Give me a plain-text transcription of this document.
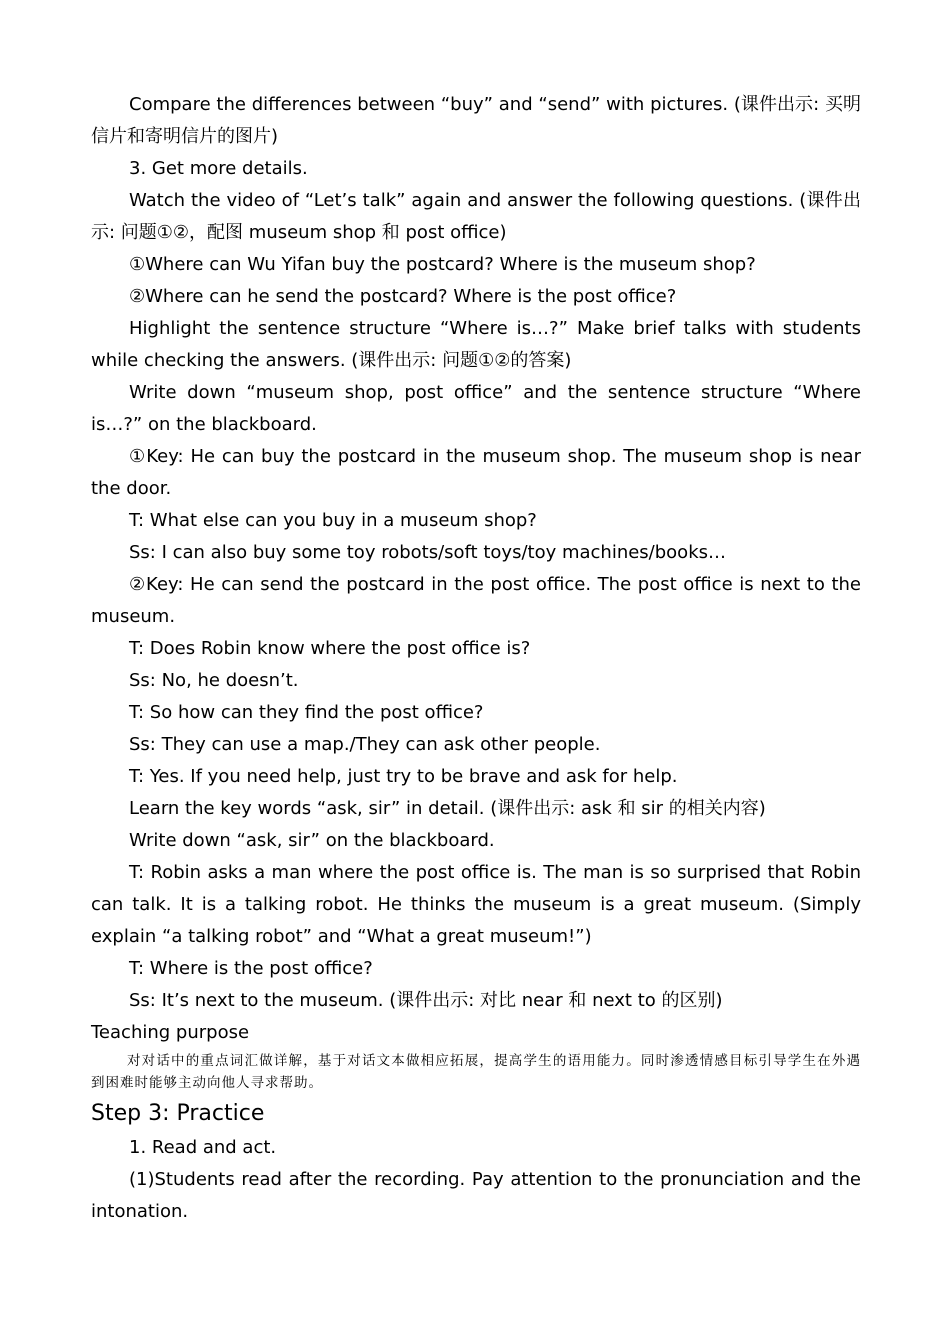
Compare the differences between “buy” and “send” with pictures. (课件出示: 买明信片和寄明信片的图片)

3. Get more details.

Watch the video of “Let’s talk” again and answer the following questions. (课件出示: 问题①②，配图 museum shop 和 post office)

①Where can Wu Yifan buy the postcard? Where is the museum shop?

②Where can he send the postcard? Where is the post office?

Highlight the sentence structure “Where is…?” Make brief talks with students while checking the answers. (课件出示: 问题①②的答案)

Write down “museum shop, post office” and the sentence structure “Where is…?” on the blackboard.

①Key: He can buy the postcard in the museum shop. The museum shop is near the door.

T: What else can you buy in a museum shop?

Ss: I can also buy some toy robots/soft toys/toy machines/books…

②Key: He can send the postcard in the post office. The post office is next to the museum.

T: Does Robin know where the post office is?

Ss: No, he doesn’t.

T: So how can they find the post office?

Ss: They can use a map./They can ask other people.

T: Yes. If you need help, just try to be brave and ask for help.

Learn the key words “ask, sir” in detail. (课件出示: ask 和 sir 的相关内容)

Write down “ask, sir” on the blackboard.

T: Robin asks a man where the post office is. The man is so surprised that Robin can talk. It is a talking robot. He thinks the museum is a great museum. (Simply explain “a talking robot” and “What a great museum!”)

T: Where is the post office?

Ss: It’s next to the museum. (课件出示: 对比 near 和 next to 的区别)

Teaching purpose

对对话中的重点词汇做详解，基于对话文本做相应拓展，提高学生的语用能力。同时渗透情感目标引导学生在外遇到困难时能够主动向他人寻求帮助。

Step 3: Practice

1. Read and act.

(1)Students read after the recording. Pay attention to the pronunciation and the intonation.
